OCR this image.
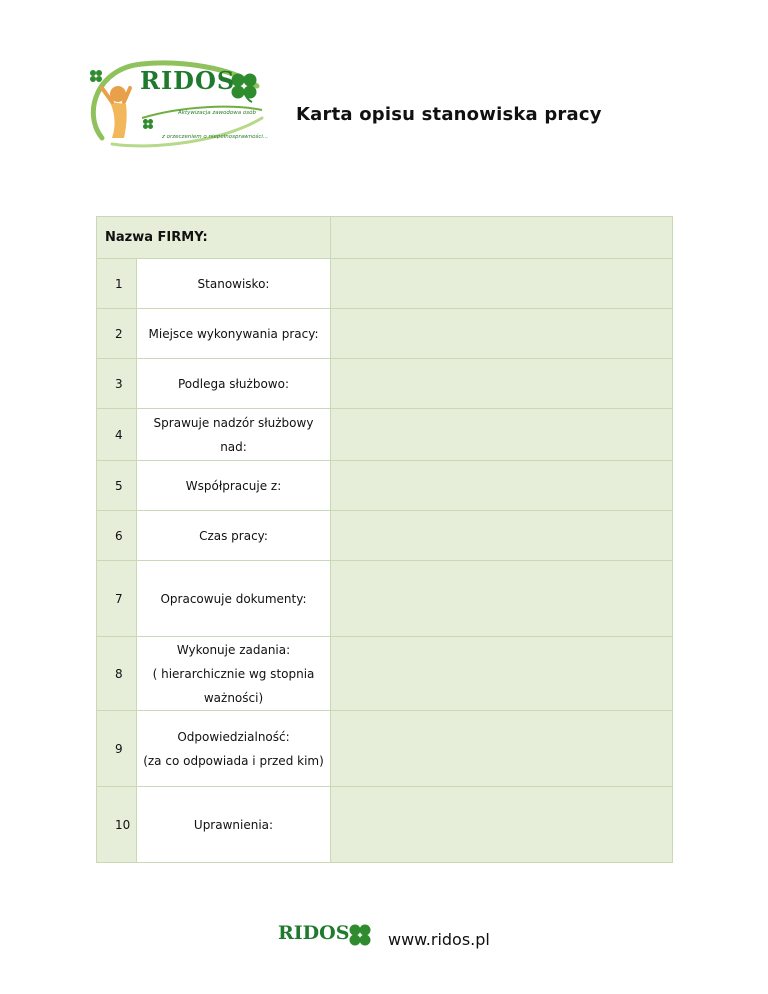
RIDOS
Aktywizacja zawodowa osób
z orzeczeniem o niepełnosprawności...
Karta opisu stanowiska pracy
Nazwa FIRMY:		
1	Stanowisko:	

2	Miejsce wykonywania pracy:	

3	Podlega służbowo:	

4	Sprawuje nadzór służbowy
nad:	

5	Współpracuje z:	

6	Czas pracy:	

7	Opracowuje dokumenty:	

8	Wykonuje zadania:
( hierarchicznie wg stopnia
ważności)	

9	Odpowiedzialność:
(za co odpowiada i przed kim)	

10	Uprawnienia:	

RIDOS www.ridos.pl
